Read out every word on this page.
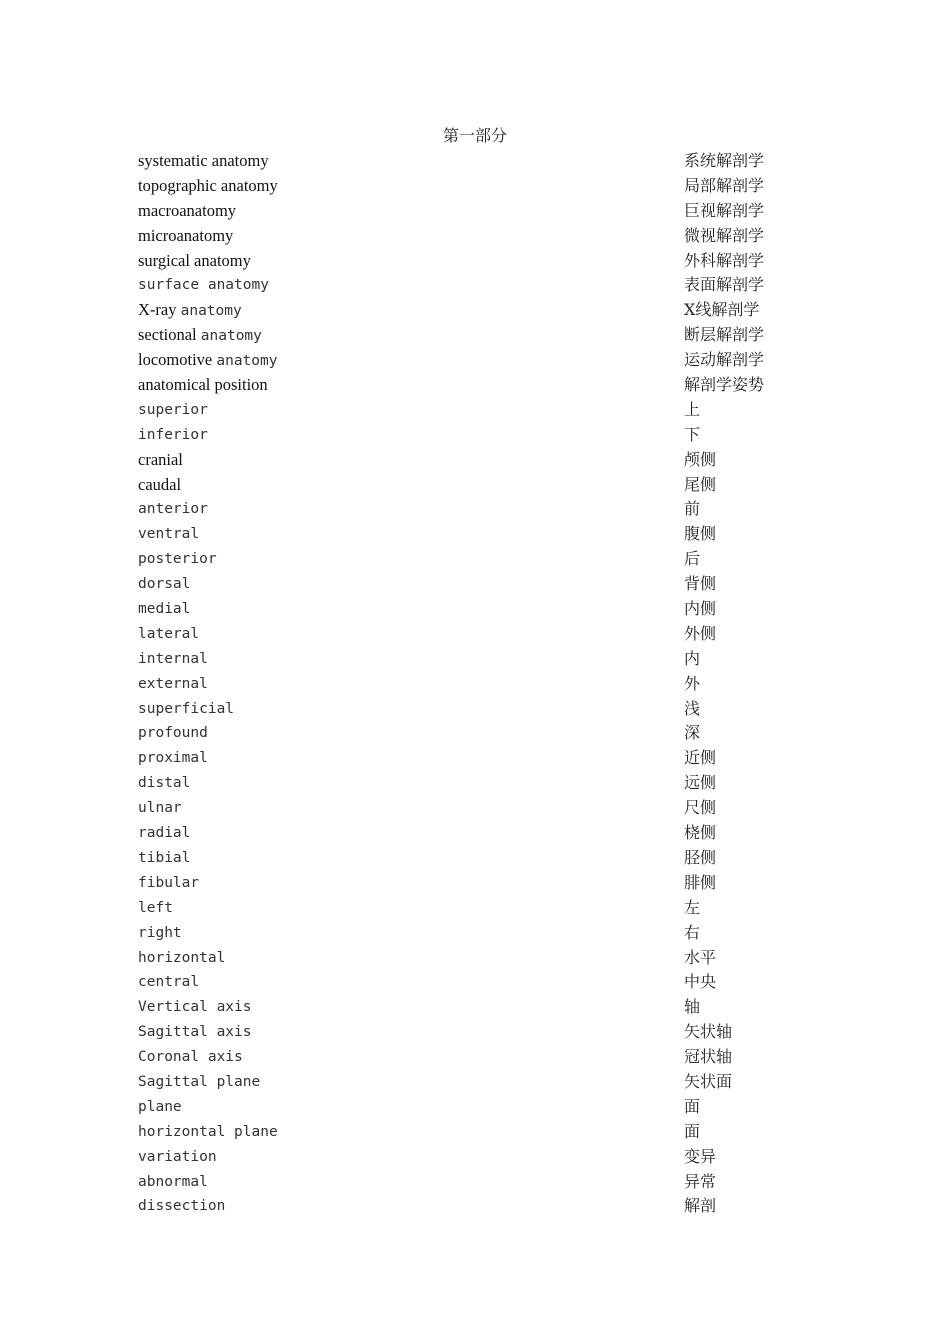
第一部分
systematic anatomy	系统解剖学
topographic anatomy	局部解剖学
macroanatomy	巨视解剖学
microanatomy	微视解剖学
surgical anatomy	外科解剖学
surface anatomy	表面解剖学
X-ray anatomy	X线解剖学
sectional anatomy	断层解剖学
locomotive anatomy	运动解剖学
anatomical position	解剖学姿势
superior	上
inferior	下
cranial	颅侧
caudal	尾侧
anterior	前
ventral	腹侧
posterior	后
dorsal	背侧
medial	内侧
lateral	外侧
internal	内
external	外
superficial	浅
profound	深
proximal	近侧
distal	远侧
ulnar	尺侧
radial	桡侧
tibial	胫侧
fibular	腓侧
left	左
right	右
horizontal	水平
central	中央
Vertical axis	轴
Sagittal axis	矢状轴
Coronal axis	冠状轴
Sagittal plane	矢状面
plane	面
horizontal plane	面
variation	变异
abnormal	异常
dissection	解剖
